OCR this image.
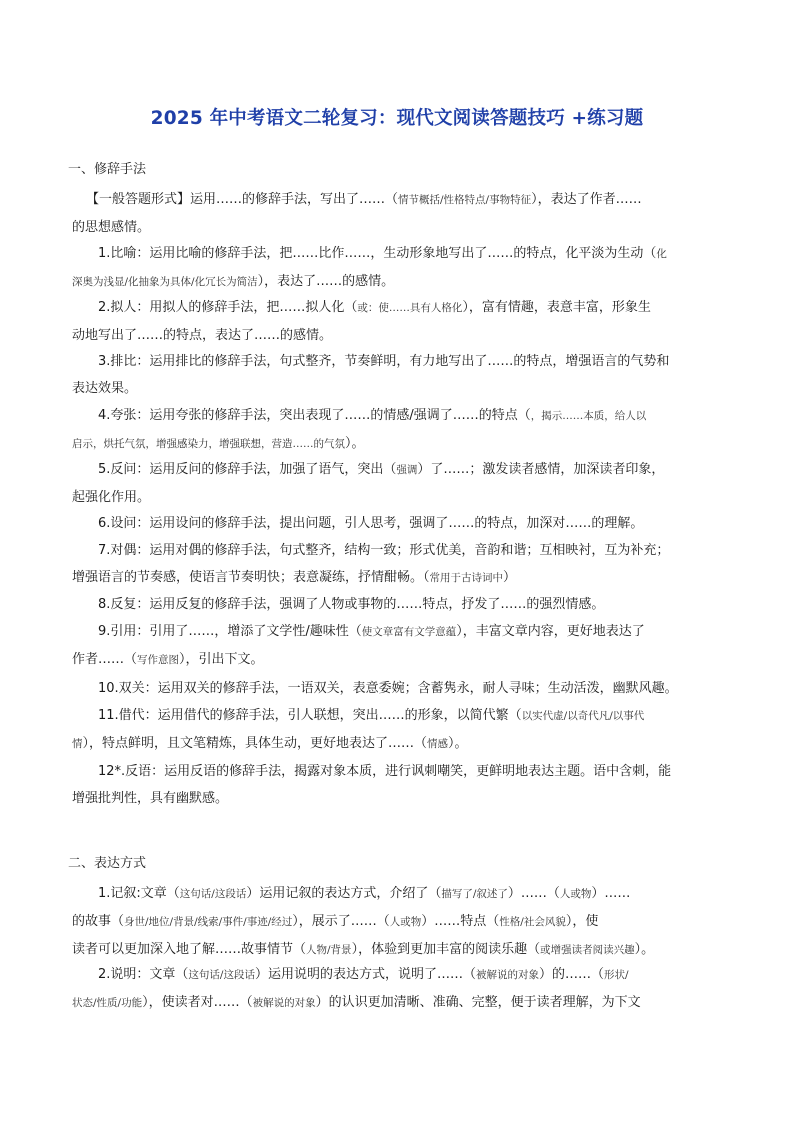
2025 年中考语文二轮复习：现代文阅读答题技巧 +练习题
一、修辞手法
【一般答题形式】运用……的修辞手法，写出了……（情节概括/性格特点/事物特征），表达了作者……
的思想感情。
1.比喻：运用比喻的修辞手法，把……比作……，生动形象地写出了……的特点，化平淡为生动（化
深奥为浅显/化抽象为具体/化冗长为简洁），表达了……的感情。
2.拟人：用拟人的修辞手法，把……拟人化（或：使……具有人格化），富有情趣，表意丰富，形象生
动地写出了……的特点，表达了……的感情。
3.排比：运用排比的修辞手法，句式整齐，节奏鲜明，有力地写出了……的特点，增强语言的气势和
表达效果。
4.夸张：运用夸张的修辞手法，突出表现了……的情感/强调了……的特点（，揭示……本质，给人以
启示，烘托气氛，增强感染力，增强联想，营造……的气氛）。
5.反问：运用反问的修辞手法，加强了语气，突出（强调）了……；激发读者感情，加深读者印象，
起强化作用。
6.设问：运用设问的修辞手法，提出问题，引人思考，强调了……的特点，加深对……的理解。
7.对偶：运用对偶的修辞手法，句式整齐，结构一致；形式优美，音韵和谐；互相映衬，互为补充；
增强语言的节奏感，使语言节奏明快；表意凝练，抒情酣畅。（常用于古诗词中）
8.反复：运用反复的修辞手法，强调了人物或事物的……特点，抒发了……的强烈情感。
9.引用：引用了……，增添了文学性/趣味性（使文章富有文学意蕴），丰富文章内容，更好地表达了
作者……（写作意图），引出下文。
10.双关：运用双关的修辞手法，一语双关，表意委婉；含蓄隽永，耐人寻味；生动活泼，幽默风趣。
11.借代：运用借代的修辞手法，引人联想，突出……的形象，以简代繁（以实代虚/以奇代凡/以事代
情），特点鲜明，且文笔精炼，具体生动，更好地表达了……（情感）。
12*.反语：运用反语的修辞手法，揭露对象本质，进行讽刺嘲笑，更鲜明地表达主题。语中含刺，能
增强批判性，具有幽默感。
二、表达方式
1.记叙:文章（这句话/这段话）运用记叙的表达方式，介绍了（描写了/叙述了）……（人或物）……
的故事（身世/地位/背景/线索/事件/事迹/经过），展示了……（人或物）……特点（性格/社会风貌），使
读者可以更加深入地了解……故事情节（人物/背景），体验到更加丰富的阅读乐趣（或增强读者阅读兴趣）。
2.说明：文章（这句话/这段话）运用说明的表达方式，说明了……（被解说的对象）的……（形状/
状态/性质/功能），使读者对……（被解说的对象）的认识更加清晰、准确、完整，便于读者理解，为下文
